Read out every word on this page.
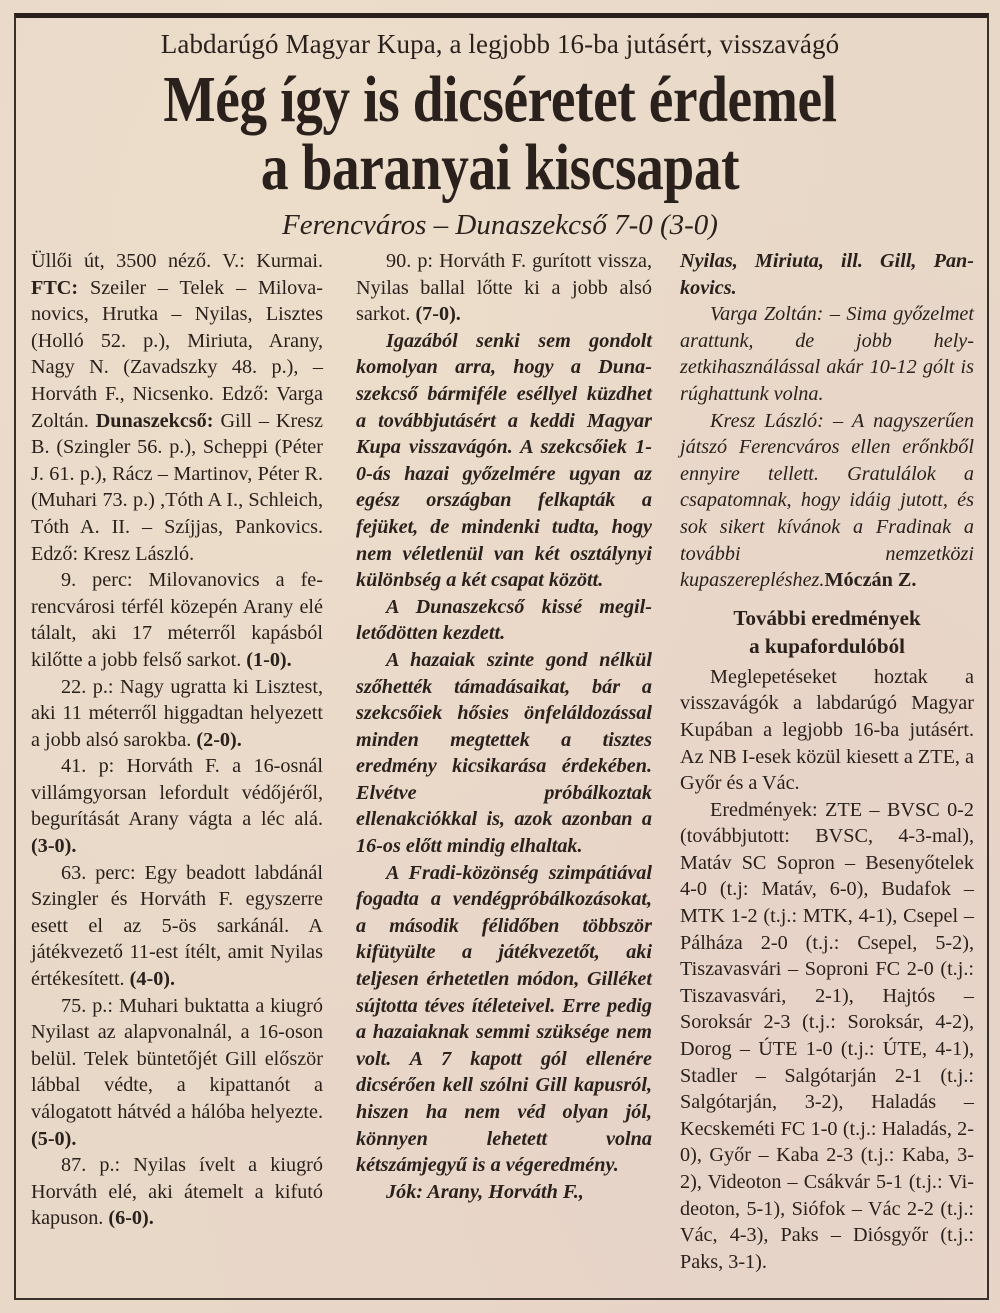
Labdarúgó Magyar Kupa, a legjobb 16-ba jutásért, visszavágó
Még így is dicséretet érdemel
a baranyai kiscsapat
Ferencváros – Dunaszekcső 7-0 (3-0)

Üllői út, 3500 néző. V.: Kurmai. FTC: Szeiler – Telek – Milovanovics, Hrutka – Nyilas, Lisztes (Holló 52. p.), Miriuta, Arany, Nagy N. (Zavadszky 48. p.), – Horváth F., Nicsenko. Edző: Varga Zoltán. Dunaszekcső: Gill – Kresz B. (Szingler 56. p.), Scheppi (Péter J. 61. p.), Rácz – Martinov, Péter R. (Muhari 73. p.) ,Tóth A I., Schleich, Tóth A. II. – Szíjjas, Pankovics. Edző: Kresz László.

9. perc: Milovanovics a ferencvárosi térfél közepén Arany elé tálalt, aki 17 méterről kapásból kilőtte a jobb felső sarkot. (1-0).

22. p.: Nagy ugratta ki Lisztest, aki 11 méterről higgadtan helyezett a jobb alsó sarokba. (2-0).

41. p: Horváth F. a 16-osnál villámgyorsan lefordult védőjéről, begurítását Arany vágta a léc alá. (3-0).

63. perc: Egy beadott labdánál Szingler és Horváth F. egyszerre esett el az 5-ös sarkánál. A játékvezető 11-est ítélt, amit Nyilas értékesített. (4-0).

75. p.: Muhari buktatta a kiugró Nyilast az alapvonalnál, a 16-oson belül. Telek büntetőjét Gill először lábbal védte, a kipattanót a válogatott hátvéd a hálóba helyezte. (5-0).

87. p.: Nyilas ívelt a kiugró Horváth elé, aki átemelt a kifutó kapuson. (6-0).

90. p: Horváth F. gurított vissza, Nyilas ballal lőtte ki a jobb alsó sarkot. (7-0).

Igazából senki sem gondolt komolyan arra, hogy a Dunaszekcső bármiféle eséllyel küzdhet a továbbjutásért a keddi Magyar Kupa visszavágón. A szekcsőiek 1-0-ás hazai győzelmére ugyan az egész országban felkapták a fejüket, de mindenki tudta, hogy nem véletlenül van két osztálynyi különbség a két csapat között.

A Dunaszekcső kissé megilletődötten kezdett.

A hazaiak szinte gond nélkül szőhették támadásaikat, bár a szekcsőiek hősies önfeláldozással minden megtettek a tisztes eredmény kicsikarása érdekében. Elvétve próbálkoztak ellenakciókkal is, azok azonban a 16-os előtt mindig elhaltak.

A Fradi-közönség szimpátiával fogadta a vendégpróbálkozásokat, a második félidőben többször kifütyülte a játékvezetőt, aki teljesen érhetetlen módon, Gilléket sújtotta téves ítéleteivel. Erre pedig a hazaiaknak semmi szüksége nem volt. A 7 kapott gól ellenére dicsérően kell szólni Gill kapusról, hiszen ha nem véd olyan jól, könnyen lehetett volna kétszámjegyű is a végeredmény.

Jók: Arany, Horváth F.,

Nyilas, Miriuta, ill. Gill, Pankovics.

Varga Zoltán: – Sima győzelmet arattunk, de jobb helyzetkihasználással akár 10-12 gólt is rúghattunk volna.

Kresz László: – A nagyszerűen játszó Ferencváros ellen erőnkből ennyire tellett. Gratulálok a csapatomnak, hogy idáig jutott, és sok sikert kívánok a Fradinak a további nemzetközi kupaszerepléshez.Móczán Z.

További eredmények
a kupafordulóból

Meglepetéseket hoztak a visszavágók a labdarúgó Magyar Kupában a legjobb 16-ba jutásért. Az NB I-esek közül kiesett a ZTE, a Győr és a Vác.

Eredmények: ZTE – BVSC 0-2 (továbbjutott: BVSC, 4-3-mal), Matáv SC Sopron – Besenyőtelek 4-0 (t.j: Matáv, 6-0), Budafok – MTK 1-2 (t.j.: MTK, 4-1), Csepel – Pálháza 2-0 (t.j.: Csepel, 5-2), Tiszavasvári – Soproni FC 2-0 (t.j.: Tiszavasvári, 2-1), Hajtós – Soroksár 2-3 (t.j.: Soroksár, 4-2), Dorog – ÚTE 1-0 (t.j.: ÚTE, 4-1), Stadler – Salgótarján 2-1 (t.j.: Salgótarján, 3-2), Haladás – Kecskeméti FC 1-0 (t.j.: Haladás, 2-0), Győr – Kaba 2-3 (t.j.: Kaba, 3-2), Videoton – Csákvár 5-1 (t.j.: Videoton, 5-1), Siófok – Vác 2-2 (t.j.: Vác, 4-3), Paks – Diósgyőr (t.j.: Paks, 3-1).
